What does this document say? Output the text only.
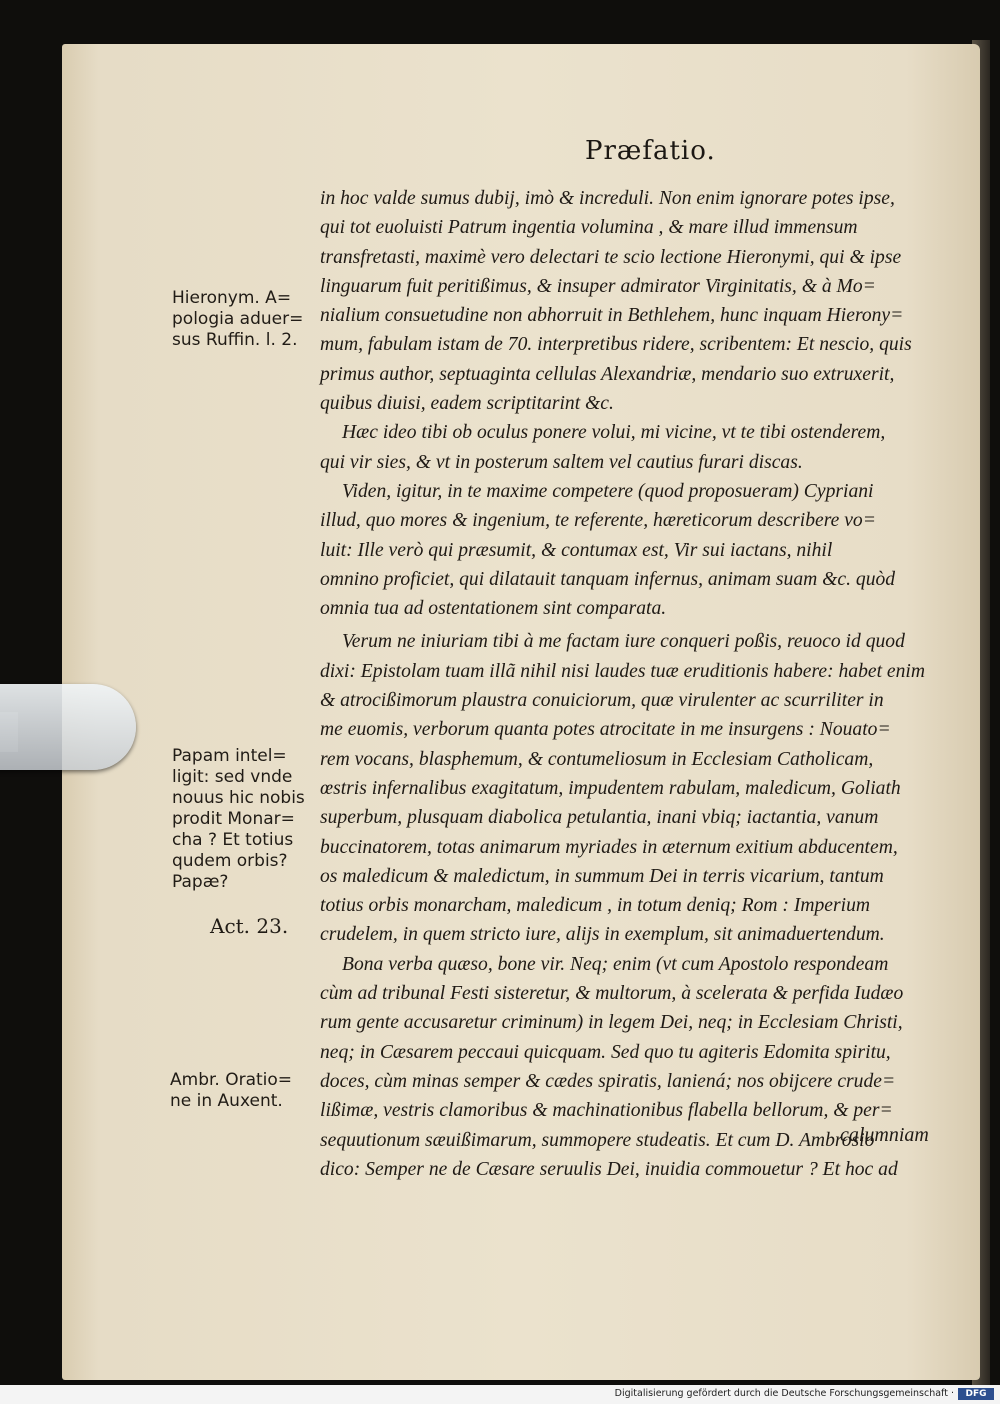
Præfatio.
in hoc valde sumus dubij, imò & increduli. Non enim ignorare potes ipse,
qui tot euoluisti Patrum ingentia volumina , & mare illud immensum
transfretasti, maximè vero delectari te scio lectione Hieronymi, qui & ipse
linguarum fuit peritißimus, & insuper admirator Virginitatis, & à Mo=
nialium consuetudine non abhorruit in Bethlehem, hunc inquam Hierony=
mum, fabulam istam de 70. interpretibus ridere, scribentem: Et nescio, quis
primus author, septuaginta cellulas Alexandriæ, mendario suo extruxerit,
quibus diuisi, eadem scriptitarint &c.
Hæc ideo tibi ob oculus ponere volui, mi vicine, vt te tibi ostenderem,
qui vir sies, & vt in posterum saltem vel cautius furari discas.
Viden, igitur, in te maxime competere (quod proposueram) Cypriani
illud, quo mores & ingenium, te referente, hæreticorum describere vo=
luit: Ille verò qui præsumit, & contumax est, Vir sui iactans, nihil
omnino proficiet, qui dilatauit tanquam infernus, animam suam &c. quòd
omnia tua ad ostentationem sint comparata.
Verum ne iniuriam tibi à me factam iure conqueri poßis, reuoco id quod
dixi: Epistolam tuam illã nihil nisi laudes tuæ eruditionis habere: habet enim
& atrocißimorum plaustra conuiciorum, quæ virulenter ac scurriliter in
me euomis, verborum quanta potes atrocitate in me insurgens : Nouato=
rem vocans, blasphemum, & contumeliosum in Ecclesiam Catholicam,
œstris infernalibus exagitatum, impudentem rabulam, maledicum, Goliath
superbum, plusquam diabolica petulantia, inani vbiq; iactantia, vanum
buccinatorem, totas animarum myriades in æternum exitium abducentem,
os maledicum & maledictum, in summum Dei in terris vicarium, tantum
totius orbis monarcham, maledicum , in totum deniq; Rom : Imperium
crudelem, in quem stricto iure, alijs in exemplum, sit animaduertendum.
Bona verba quæso, bone vir. Neq; enim (vt cum Apostolo respondeam
cùm ad tribunal Festi sisteretur, & multorum, à scelerata & perfida Iudæo
rum gente accusaretur criminum) in legem Dei, neq; in Ecclesiam Christi,
neq; in Cæsarem peccaui quicquam. Sed quo tu agiteris Edomita spiritu,
doces, cùm minas semper & cædes spiratis, laniená; nos obijcere crude=
lißimæ, vestris clamoribus & machinationibus flabella bellorum, & per=
sequutionum sæuißimarum, summopere studeatis. Et cum D. Ambrosio
dico: Semper ne de Cæsare seruulis Dei, inuidia commouetur ? Et hoc ad
calumniam
Hieronym. A=
pologia aduer=
sus Ruffin. l. 2.
Papam intel=
ligit: sed vnde
nouus hic nobis
prodit Monar=
cha ? Et totius
qudem orbis?
Papæ?
Act. 23.
Ambr. Oratio=
ne in Auxent.
Digitalisierung gefördert durch die Deutsche Forschungsgemeinschaft ·	DFG
